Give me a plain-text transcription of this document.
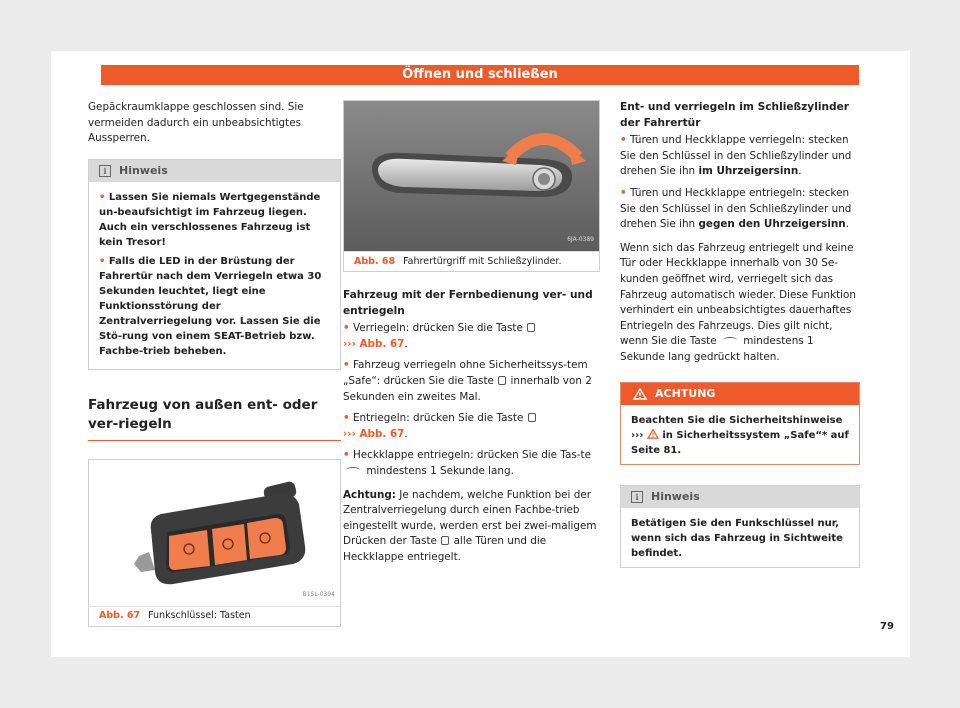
Öffnen und schließen

Gepäckraumklappe geschlossen sind. Sie vermeiden dadurch ein unbeabsichtigtes Aussperren.

i	Hinweis
• Lassen Sie niemals Wertgegenstände un-beaufsichtigt im Fahrzeug liegen. Auch ein verschlossenes Fahrzeug ist kein Tresor!
• Falls die LED in der Brüstung der Fahrertür nach dem Verriegeln etwa 30 Sekunden leuchtet, liegt eine Funktionsstörung der Zentralverriegelung vor. Lassen Sie die Stö-rung von einem SEAT-Betrieb bzw. Fachbe-trieb beheben.
Fahrzeug von außen ent- oder ver-riegeln
B1SL-0394
Abb. 67 Funkschlüssel: Tasten
6JA-0389
Abb. 68 Fahrertürgriff mit Schließzylinder.
Fahrzeug mit der Fernbedienung ver- und entriegeln
• Verriegeln: drücken Sie die Taste
››› Abb. 67.
• Fahrzeug verriegeln ohne Sicherheitssys-tem „Safe“: drücken Sie die Taste innerhalb von 2 Sekunden ein zweites Mal.
• Entriegeln: drücken Sie die Taste
››› Abb. 67.
• Heckklappe entriegeln: drücken Sie die Tas-te  mindestens 1 Sekunde lang.

Achtung: Je nachdem, welche Funktion bei der Zentralverriegelung durch einen Fachbe-trieb eingestellt wurde, werden erst bei zwei-maligem Drücken der Taste alle Türen und die Heckklappe entriegelt.

Ent- und verriegeln im Schließzylinder der Fahrertür
• Türen und Heckklappe verriegeln: stecken Sie den Schlüssel in den Schließzylinder und drehen Sie ihn im Uhrzeigersinn.
• Türen und Heckklappe entriegeln: stecken Sie den Schlüssel in den Schließzylinder und drehen Sie ihn gegen den Uhrzeigersinn.

Wenn sich das Fahrzeug entriegelt und keine Tür oder Heckklappe innerhalb von 30 Se-kunden geöffnet wird, verriegelt sich das Fahrzeug automatisch wieder. Diese Funktion verhindert ein unbeabsichtigtes dauerhaftes Entriegeln des Fahrzeugs. Dies gilt nicht, wenn Sie die Taste	mindestens 1 Sekunde lang gedrückt halten.

ACHTUNG
Beachten Sie die Sicherheitshinweise ››› in Sicherheitssystem „Safe“* auf Seite 81.
i	Hinweis
Betätigen Sie den Funkschlüssel nur, wenn sich das Fahrzeug in Sichtweite befindet.
79
